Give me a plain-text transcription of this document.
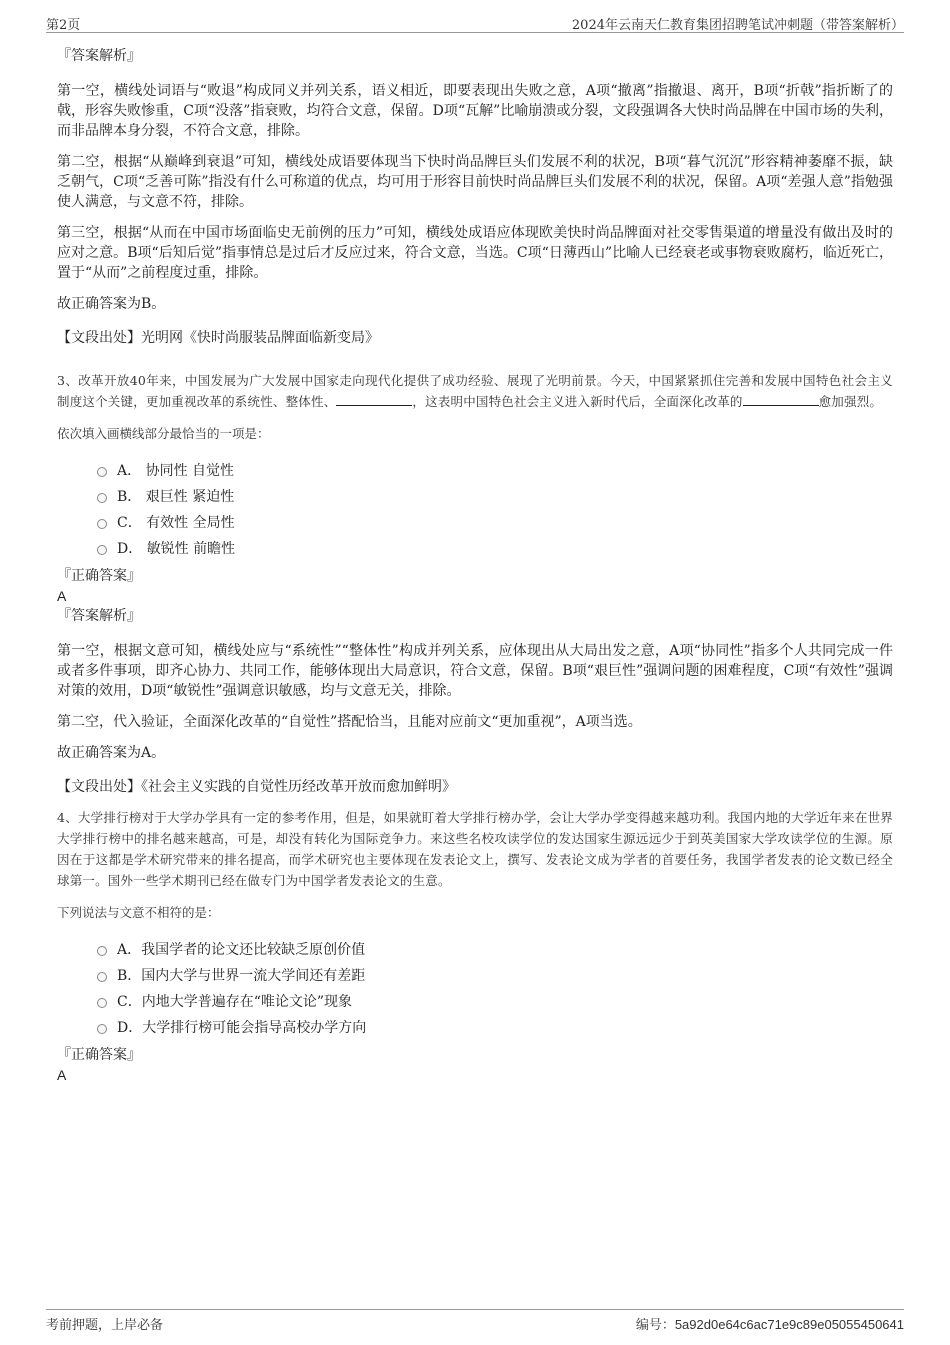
第2页	2024年云南天仁教育集团招聘笔试冲刺题（带答案解析）

『答案解析』

第一空，横线处词语与“败退”构成同义并列关系，语义相近，即要表现出失败之意，A项“撤离”指撤退、离开，B项“折戟”指折断了的戟，形容失败惨重，C项“没落”指衰败，均符合文意，保留。D项“瓦解”比喻崩溃或分裂，文段强调各大快时尚品牌在中国市场的失利，而非品牌本身分裂，不符合文意，排除。

第二空，根据“从巅峰到衰退”可知，横线处成语要体现当下快时尚品牌巨头们发展不利的状况，B项“暮气沉沉”形容精神萎靡不振，缺乏朝气，C项“乏善可陈”指没有什么可称道的优点，均可用于形容目前快时尚品牌巨头们发展不利的状况，保留。A项“差强人意”指勉强使人满意，与文意不符，排除。

第三空，根据“从而在中国市场面临史无前例的压力”可知，横线处成语应体现欧美快时尚品牌面对社交零售渠道的增量没有做出及时的应对之意。B项“后知后觉”指事情总是过后才反应过来，符合文意，当选。C项“日薄西山”比喻人已经衰老或事物衰败腐朽，临近死亡，置于“从而”之前程度过重，排除。

故正确答案为B。

【文段出处】光明网《快时尚服装品牌面临新变局》

3、改革开放40年来，中国发展为广大发展中国家走向现代化提供了成功经验、展现了光明前景。今天，中国紧紧抓住完善和发展中国特色社会主义制度这个关键，更加重视改革的系统性、整体性、	，这表明中国特色社会主义进入新时代后，全面深化改革的	愈加强烈。

依次填入画横线部分最恰当的一项是：

A． 协同性 自觉性
B． 艰巨性 紧迫性
C． 有效性 全局性
D． 敏锐性 前瞻性

『正确答案』

A

『答案解析』

第一空，根据文意可知，横线处应与“系统性”“整体性”构成并列关系，应体现出从大局出发之意，A项“协同性”指多个人共同完成一件或者多件事项，即齐心协力、共同工作，能够体现出大局意识，符合文意，保留。B项“艰巨性”强调问题的困难程度，C项“有效性”强调对策的效用，D项“敏锐性”强调意识敏感，均与文意无关，排除。

第二空，代入验证，全面深化改革的“自觉性”搭配恰当，且能对应前文“更加重视”，A项当选。

故正确答案为A。

【文段出处】《社会主义实践的自觉性历经改革开放而愈加鲜明》

4、大学排行榜对于大学办学具有一定的参考作用，但是，如果就盯着大学排行榜办学，会让大学办学变得越来越功利。我国内地的大学近年来在世界大学排行榜中的排名越来越高，可是，却没有转化为国际竞争力。来这些名校攻读学位的发达国家生源远远少于到英美国家大学攻读学位的生源。原因在于这都是学术研究带来的排名提高，而学术研究也主要体现在发表论文上，撰写、发表论文成为学者的首要任务，我国学者发表的论文数已经全球第一。国外一些学术期刊已经在做专门为中国学者发表论文的生意。

下列说法与文意不相符的是：

A．我国学者的论文还比较缺乏原创价值
B．国内大学与世界一流大学间还有差距
C．内地大学普遍存在“唯论文论”现象
D．大学排行榜可能会指导高校办学方向

『正确答案』

A

考前押题，上岸必备	编号：5a92d0e64c6ac71e9c89e05055450641
